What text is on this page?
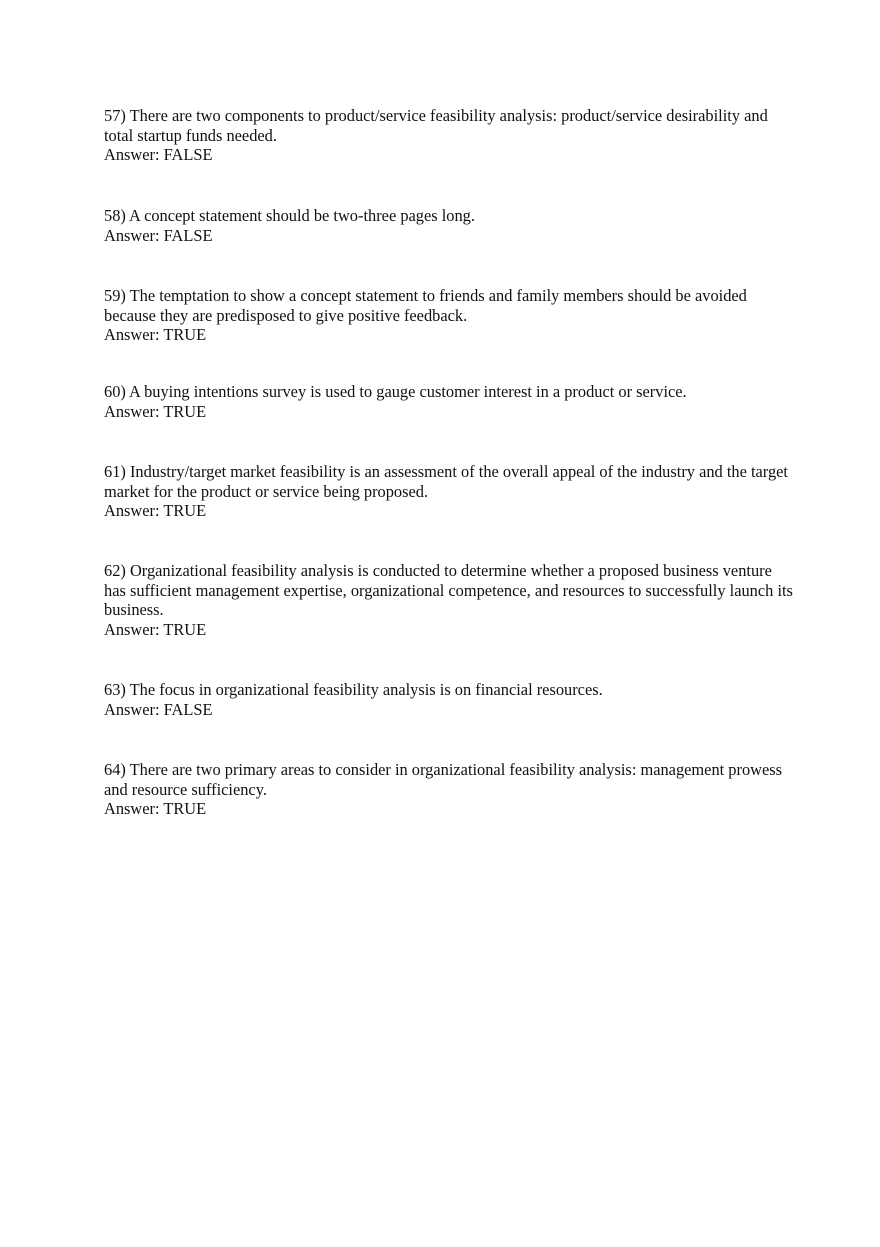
57) There are two components to product/service feasibility analysis: product/service desirability and total startup funds needed.
Answer: FALSE
58) A concept statement should be two-three pages long.
Answer: FALSE
59) The temptation to show a concept statement to friends and family members should be avoided because they are predisposed to give positive feedback.
Answer: TRUE
60) A buying intentions survey is used to gauge customer interest in a product or service.
Answer: TRUE
61) Industry/target market feasibility is an assessment of the overall appeal of the industry and the target market for the product or service being proposed.
Answer: TRUE
62) Organizational feasibility analysis is conducted to determine whether a proposed business venture has sufficient management expertise, organizational competence, and resources to successfully launch its business.
Answer: TRUE
63) The focus in organizational feasibility analysis is on financial resources.
Answer: FALSE
64) There are two primary areas to consider in organizational feasibility analysis: management prowess and resource sufficiency.
Answer: TRUE
